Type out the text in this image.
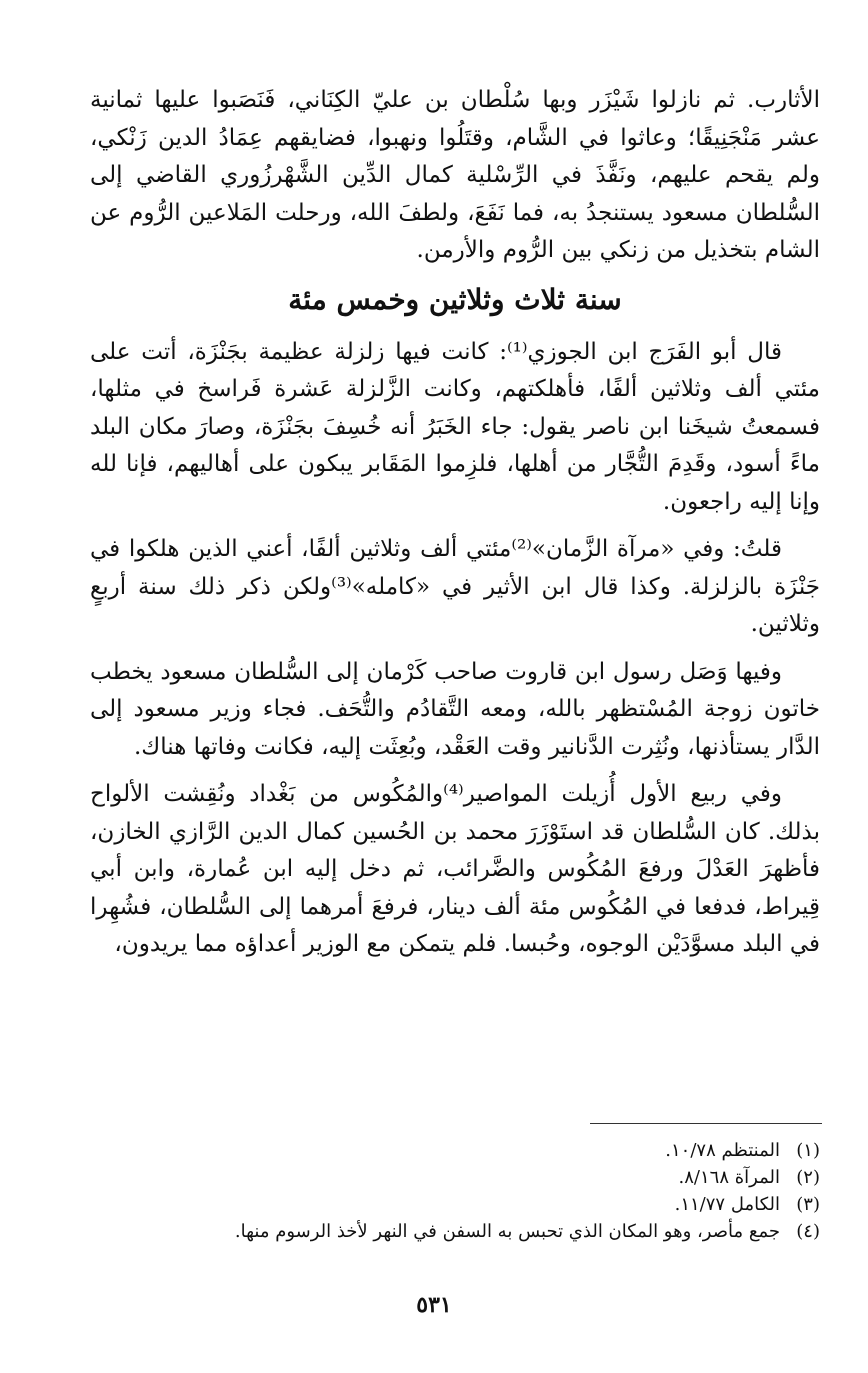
الأثارب. ثم نازلوا شَيْزَر وبها سُلْطان بن عليّ الكِنَاني، فَنَصَبوا عليها ثمانية عشر مَنْجَنِيقًا؛ وعاثوا في الشَّام، وقتَلُوا ونهبوا، فضايقهم عِمَادُ الدين زَنْكي، ولم يقحم عليهم، ونَفَّذَ في الرِّسْلية كمال الدِّين الشَّهْرزُوري القاضي إلى السُّلطان مسعود يستنجدُ به، فما نَفَعَ، ولطفَ الله، ورحلت المَلاعين الرُّوم عن الشام بتخذيل من زنكي بين الرُّوم والأرمن.

سنة ثلاث وثلاثين وخمس مئة

قال أبو الفَرَج ابن الجوزي⁽¹⁾: كانت فيها زلزلة عظيمة بجَنْزَة، أتت على مئتي ألف وثلاثين ألفًا، فأهلكتهم، وكانت الزَّلزلة عَشرة فَراسخ في مثلها، فسمعتُ شيخَنا ابن ناصر يقول: جاء الخَبَرُ أنه خُسِفَ بجَنْزَة، وصارَ مكان البلد ماءً أسود، وقَدِمَ التُّجَّار من أهلها، فلزِموا المَقَابر يبكون على أهاليهم، فإنا لله وإنا إليه راجعون.

قلتُ: وفي «مرآة الزَّمان»⁽²⁾مئتي ألف وثلاثين ألفًا، أعني الذين هلكوا في جَنْزَة بالزلزلة. وكذا قال ابن الأثير في «كامله»⁽³⁾ولكن ذكر ذلك سنة أربعٍ وثلاثين.

وفيها وَصَل رسول ابن قاروت صاحب كَرْمان إلى السُّلطان مسعود يخطب خاتون زوجة المُسْتظهر بالله، ومعه التَّقادُم والتُّحَف. فجاء وزير مسعود إلى الدَّار يستأذنها، ونُثِرت الدَّنانير وقت العَقْد، وبُعِثَت إليه، فكانت وفاتها هناك.

وفي ربيع الأول أُزيلت المواصير⁽⁴⁾والمُكُوس من بَغْداد ونُقِشت الألواح بذلك. كان السُّلطان قد استَوْزَرَ محمد بن الحُسين كمال الدين الرَّازي الخازن، فأظهرَ العَدْلَ ورفعَ المُكُوس والضَّرائب، ثم دخل إليه ابن عُمارة، وابن أبي قِيراط، فدفعا في المُكُوس مئة ألف دينار، فرفعَ أمرهما إلى السُّلطان، فشُهِرا في البلد مسوَّدَيْن الوجوه، وحُبسا. فلم يتمكن مع الوزير أعداؤه مما يريدون،

(١)
المنتظم ١٠/٧٨.
(٢)
المرآة ٨/١٦٨.
(٣)
الكامل ١١/٧٧.
(٤)
جمع مأصر، وهو المكان الذي تحبس به السفن في النهر لأخذ الرسوم منها.
٥٣١
